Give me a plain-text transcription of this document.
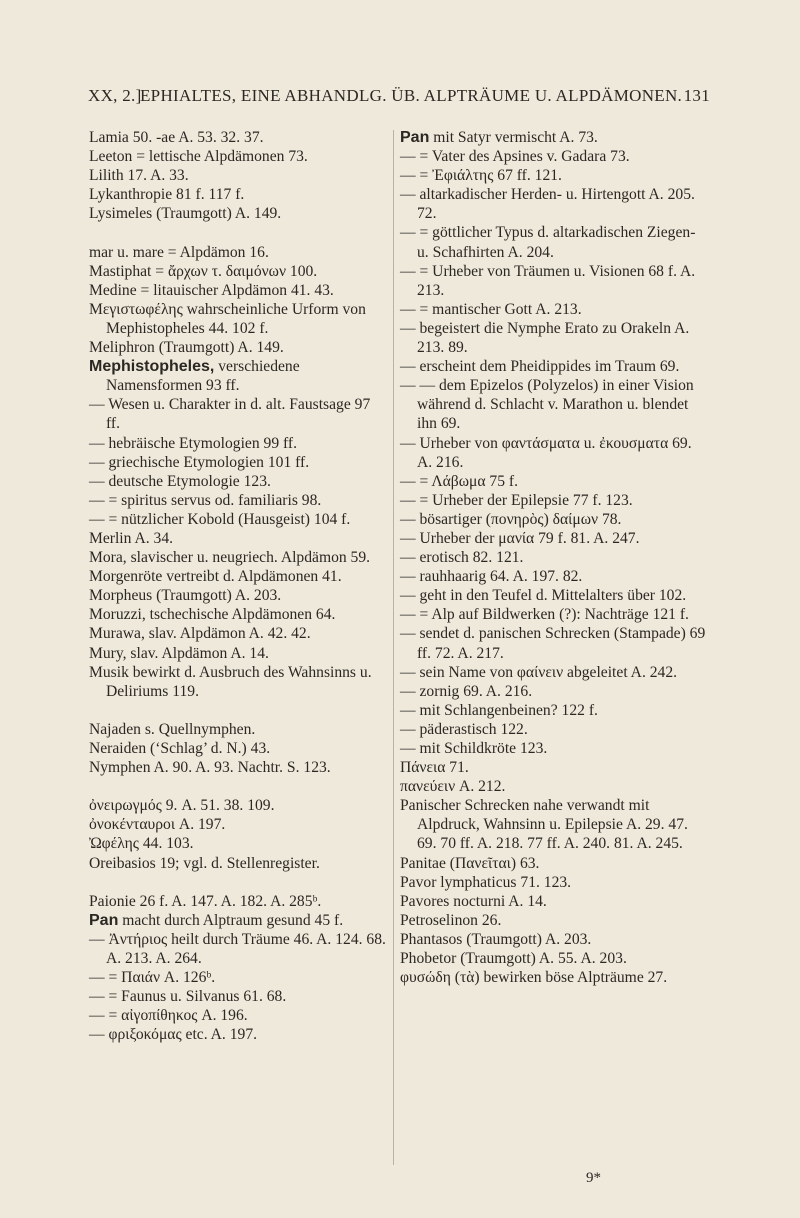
XX, 2.]
EPHIALTES, EINE ABHANDLG. ÜB. ALPTRÄUME U. ALPDÄMONEN. 131

Lamia 50. -ae A. 53. 32. 37.

Leeton = lettische Alpdämonen 73.

Lilith 17. A. 33.

Lykanthropie 81 f. 117 f.

Lysimeles (Traumgott) A. 149.

mar u. mare = Alpdämon 16.

Mastiphat = ἄρχων τ. δαιμόνων 100.

Medine = litauischer Alpdämon 41. 43.

Μεγιστωφέλης wahrscheinliche Urform von Mephistopheles 44. 102 f.

Meliphron (Traumgott) A. 149.

Mephistopheles, verschiedene Namensformen 93 ff.

— Wesen u. Charakter in d. alt. Faustsage 97 ff.

— hebräische Etymologien 99 ff.

— griechische Etymologien 101 ff.

— deutsche Etymologie 123.

— = spiritus servus od. familiaris 98.

— = nützlicher Kobold (Hausgeist) 104 f.

Merlin A. 34.

Mora, slavischer u. neugriech. Alpdämon 59.

Morgenröte vertreibt d. Alpdämonen 41.

Morpheus (Traumgott) A. 203.

Moruzzi, tschechische Alpdämonen 64.

Murawa, slav. Alpdämon A. 42. 42.

Mury, slav. Alpdämon A. 14.

Musik bewirkt d. Ausbruch des Wahnsinns u. Deliriums 119.

Najaden s. Quellnymphen.

Neraiden (‘Schlag’ d. N.) 43.

Nymphen A. 90. A. 93. Nachtr. S. 123.

ὀνειρωγμός 9. A. 51. 38. 109.

ὀνοκένταυροι A. 197.

Ὠφέλης 44. 103.

Oreibasios 19; vgl. d. Stellenregister.

Paionie 26 f. A. 147. A. 182. A. 285ᵇ.

Pan macht durch Alptraum gesund 45 f.

— Ἀντήριος heilt durch Träume 46. A. 124. 68. A. 213. A. 264.

— = Παιάν A. 126ᵇ.

— = Faunus u. Silvanus 61. 68.

— = αἰγοπίθηκος A. 196.

— φριξοκόμας etc. A. 197.

Pan mit Satyr vermischt A. 73.

— = Vater des Apsines v. Gadara 73.

— = Ἐφιάλτης 67 ff. 121.

— altarkadischer Herden- u. Hirtengott A. 205. 72.

— = göttlicher Typus d. altarkadischen Ziegen- u. Schafhirten A. 204.

— = Urheber von Träumen u. Visionen 68 f. A. 213.

— = mantischer Gott A. 213.

— begeistert die Nymphe Erato zu Orakeln A. 213. 89.

— erscheint dem Pheidippides im Traum 69.

— — dem Epizelos (Polyzelos) in einer Vision während d. Schlacht v. Marathon u. blendet ihn 69.

— Urheber von φαντάσματα u. ἐκουσματα 69. A. 216.

— = Λάβωμα 75 f.

— = Urheber der Epilepsie 77 f. 123.

— bösartiger (πονηρὸς) δαίμων 78.

— Urheber der μανία 79 f. 81. A. 247.

— erotisch 82. 121.

— rauhhaarig 64. A. 197. 82.

— geht in den Teufel d. Mittelalters über 102.

— = Alp auf Bildwerken (?): Nachträge 121 f.

— sendet d. panischen Schrecken (Stampade) 69 ff. 72. A. 217.

— sein Name von φαίνειν abgeleitet A. 242.

— zornig 69. A. 216.

— mit Schlangenbeinen? 122 f.

— päderastisch 122.

— mit Schildkröte 123.

Πάνεια 71.

πανεύειν A. 212.

Panischer Schrecken nahe verwandt mit Alpdruck, Wahnsinn u. Epilepsie A. 29. 47. 69. 70 ff. A. 218. 77 ff. A. 240. 81. A. 245.

Panitae (Πανεῖται) 63.

Pavor lymphaticus 71. 123.

Pavores nocturni A. 14.

Petroselinon 26.

Phantasos (Traumgott) A. 203.

Phobetor (Traumgott) A. 55. A. 203.

φυσώδη (τὰ) bewirken böse Alpträume 27.

9*
